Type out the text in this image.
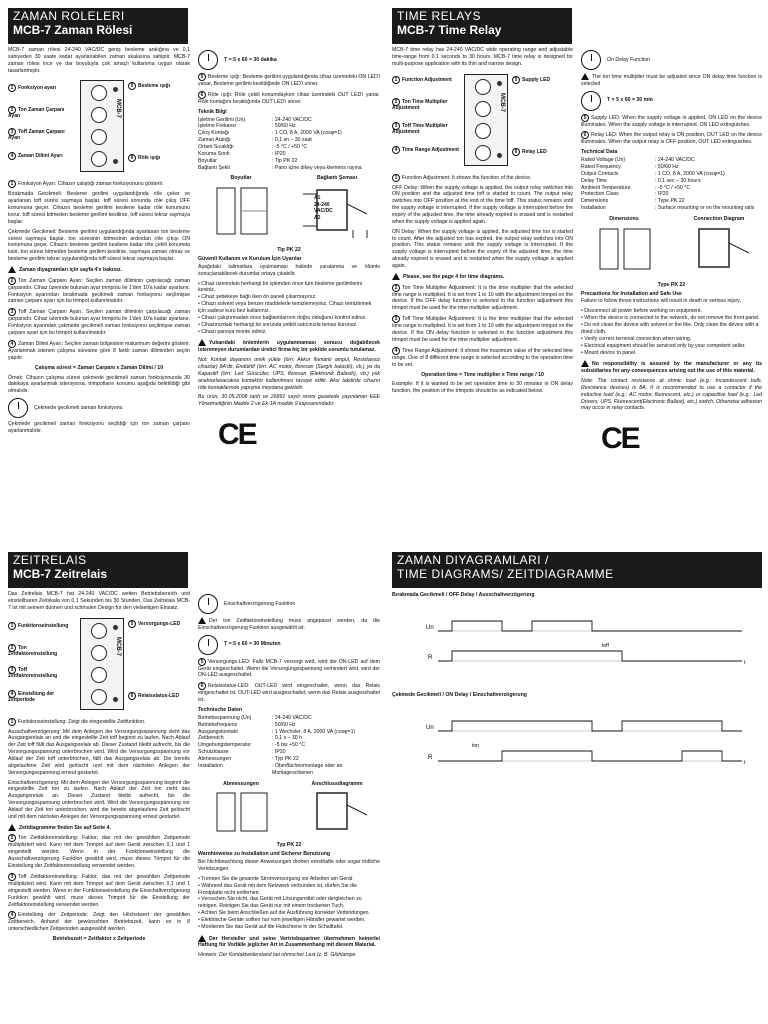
ZAMAN ROLELERI
MCB-7 Zaman Rölesi

MCB-7 zaman rölesi 24-240 VAC/DC geniş besleme aralığına ve 0,1 saniyeden 30 saate kadar ayarlanabilen zaman skalasına sahiptir. MCB-7 zaman rölesi ince ve dar boyutuyla çok amaçlı kullanıma uygun olarak tasarlanmıştır.

MCB-7
1 Fonksiyon ayarı
2 Ton Zaman Çarpanı Ayarı
3 Toff Zaman Çarpanı Ayarı
4 Zaman Dilimi Ayarı
5 Besleme ışığı
6 Röle ışığı

1 Fonksiyon Ayarı: Cihazın çalıştığı zaman fonksiyonunu gösterir.

Bırakmada Gecikmeli: Besleme gerilimi uygulandığında röle çeker ve ayarlanan toff süresi saymaya başlar. toff süresi sonunda röle çıkış OFF konumuna geçer. Cihazın besleme gerilimi kesilene kadar röle konumunu korur. toff süresi bitmeden besleme gerilimi kesilirse, toff süresi tekrar saymaya başlar.

Çekmede Gecikmeli: Besleme gerilimi uygulandığında ayarlanan ton besleme süresi saymaya başlar. ton süresinin bitmesinin ardından röle çıkışı ON konumuna geçer. Cihazın besleme gerilimi kesilene kadar röle çekili konumda kalır. ton süresi bitmeden besleme gerilimi kesilirse, saymaya zaman olmaz ve besleme gerilimi tekrar uygulandığında toff süresi tekrar saymaya başlar.

Zaman diyagramları için sayfa 4'e bakınız.

2 Ton Zaman Çarpanı Ayarı: Seçilen zaman diliminin çarpılacağı zaman çarpanıdır. Cihaz üzerinde bulunan ayar trimpotu ile 1'den 10'a kadar ayarlanır. Fonksiyon ayarından bırakmada gecikmeli zaman fonksiyonu seçilmişse zaman çarpanı ayarı için bu trimpot kullanılmalıdır.

3 Toff Zaman Çarpanı Ayarı: Seçilen zaman diliminin çarpılacağı zaman çarpanıdır. Cihaz üzerinde bulunan ayar trimpotu ile 1'den 10'a kadar ayarlanır. Fonksiyon ayarından çekmede gecikmeli zaman fonksiyonu seçilmişse zaman çarpanı ayarı için bu trimpot kullanılmalıdır.

4 Zaman Dilimi Ayarı: Seçilen zaman bölgesinin maksimum değerini gösterir. Ayarlanmak istenen çalışma süresine göre 8 farklı zaman diliminden seçim yapılır.

Çalışma süresi = Zaman Çarpanı x Zaman Dilimi / 10

Örnek: Cihazın çalışma süresi çekmede gecikmeli zaman fonksiyonunda 30 dakikaya ayarlanmak isteniyorsa, trimpotların konumu aşağıda belirtildiği gibi olmalıdır.

Çekmede gecikmeli zaman fonksiyonu

Çekmede gecikmeli zaman fonksiyonu seçildiği için ton zaman çarpanı ayarlanmalıdır.

T = 5 x 60 = 30 dakika

5 Besleme ışığı: Besleme gerilimi uygulandığında cihaz üzerindeki ON LED'i yanar. Besleme gerilimi kesildiğinde ON LED'i söner.

6 Röle ışığı: Röle çekili konumdayken cihaz üzerindeki OUT LED'i yanar. Röle kontağını bıraktığında OUT LED'i söner.

Teknik Bilgi
İşletme Gerilimi (Un)	: 24-240 VAC/DC
İşletme Frekansı	: 50/60 Hz
Çıkış Kontağı	: 1 CO, 8 A, 2000 VA (cosφ=1)
Zaman Aralığı	: 0,1 sn – 30 saat
Ortam Sıcaklığı	: -5 °C / +50 °C
Koruma Sınıfı	: IP20
Boyutlar	: Tip PK 22
Bağlantı Şekli	: Pano içine dikey veya klemens rayına
Boyutlar	Bağlantı Şeması
A1
24-240
VAC/DC
A2
Tip PK 22
Güvenli Kullanım ve Kurulum İçin Uyarılar

Aşağıdaki talimatlara uyulmaması halinde yaralanma ve ölümle sonuçlanabilecek durumlar ortaya çıkabilir.

• Cihaz üzerindeki herhangi bir işlemden önce tüm besleme gerilimlerini kesiniz.
• Cihaz şebekeye bağlı iken ön paneli çıkarmayınız.
• Cihazı solvent veya benzer maddelerle temizlemeyiniz. Cihazı temizlemek için sadece kuru bez kullanınız.
• Cihazı çalıştırmadan önce bağlantılarının doğru olduğunu kontrol ediniz.
• Cihazınızdaki herhangi bir sorunda yetkili satıcınızla temas kurunuz.
• Cihazı panoya monte ediniz.

Yukarıdaki önlemlerin uygulanmaması sonucu doğabilecek istenmeyen durumlardan üretici firma hiç bir şekilde sorumlu tutulamaz.

Not: Kontak dayanımı omik yükte (örn: Akkor flamanlı ampul, Resistansiz cihazlar) 8A'dir. Endüktif (örn: AC motor, floresan (Sargılı balastlı), vb.) ya da Kapasitif (örn: Led Sürücüler, UPS, floresan (Elektronik Balastlı), vb.) yük anahtarlanacaksa kontaktör kullanılması tavsiye edilir. Aksi takdirde cihazın röle kontaklarında yapışma meydana gelebilir.

Bu ürün, 30.05.2008 tarih ve 26891 sayılı resmi gazetede yayınlanan EEE Yönetmeliğinin Madde 2 ve Ek-1A madde 9 kapsamındadır.

CE
TIME RELAYS
MCB-7 Time Relay

MCB-7 time relay has 24-240 VAC/DC wide operating range and adjustable time-range from 0.1 seconds to 30 hours. MCB-7 time relay is designed for multi-purpose application with its thin and narrow design.

MCB-7
1 Function Adjustment
2 Ton Time Multiplier Adjustment
3 Toff Time Multiplier Adjustment
4 Time Range Adjustment
5 Supply LED
6 Relay LED

1 Function Adjustment: It shows the function of the device.

OFF Delay: When the supply voltage is applied, the output relay switches into ON position and the adjusted time toff is started to count. The output relay switches into OFF position at the end of the time toff. This status remains until the supply voltage is interrupted. If the supply voltage is interrupted before the expiry of the adjusted time, the time already expired is erased and is restarted when the supply voltage is applied again.

ON Delay: When the supply voltage is applied, the adjusted time ton is started to count. After the adjusted ton has expired, the output relay switches into ON position. This status remains until the supply voltage is interrupted. If the supply voltage is interrupted before the expiry of the adjusted time, the time already expired is erased and is restarted when the supply voltage is applied again.

Please, see the page 4 for time diagrams.

2 Ton Time Multiplier Adjustment: It is the time multiplier that the selected time range is multiplied. It is set from 1 to 10 with the adjustment trimpot on the device. If the OFF delay function is selected in the function adjustment this trimpot must be used for the time multiplier adjustment.

3 Toff Time Multiplier Adjustment: It is the time multiplier that the selected time range is multiplied. It is set from 1 to 10 with the adjustment trimpot on the device. If the ON delay function is selected in the function adjustment this trimpot must be used for the time multiplier adjustment.

4 Time Range Adjustment: It shows the maximum value of the selected time range. One of 8 different time range is selected according to the operation time to be set.

Operation time = Time multiplier x Time range / 10

Example: If it is wanted to be set operation time to 30 minutes in ON delay function, the position of the trimpots should be as indicated below.

On Delay Function

The ton time multiplier must be adjusted since ON delay time function is selected

T = 5 x 60 = 30 min

5 Supply LED: When the supply voltage is applied, ON LED on the device illuminates. When the supply voltage is interrupted, ON LED extinguishes.

6 Relay LED: When the output relay is ON position, OUT LED on the device illuminates. When the output relay is OFF position, OUT LED extinguishes.

Technical Data
Rated Voltage (Un)	: 24-240 VAC/DC
Rated Frequency	: 50/60 Hz
Output Contacts	: 1 CO, 8 A, 2000 VA (cosφ=1)
Delay Time	: 0.1 sec – 30 hours
Ambient Temperature	: -5 °C / +50 °C
Protection Class	: IP20
Dimensions	: Type PK 22
Installation	: Surface mounting or on the mounting rails
Dimensions	Connection Diagram
Type PK 22
Precautions for Installation and Safe Use

Failure to follow those instructions will result in death or serious injury.

• Disconnect all power before working on equipment.
• When the device is connected to the network, do not remove the front panel.
• Do not clean the device with solvent or the like. Only clean the device with a dried cloth.
• Verify correct terminal connection when wiring.
• Electrical equipment should be serviced only by your competent seller.
• Mount device to panel.

No responsibility is assured by the manufacturer or any its subsidiaries for any consequences arising out the use of this material.

Note: The contact resistance at ohmic load (e.g.: Incandescent bulb, Resistance devices) is 8A. It is recommended to use a contactor if the inductive load (e.g.: AC motor, fluorescent, etc.) or capacitive load (e.g.: Led Drivers, UPS, Fluorescent(Electronic Ballast), etc.) switch. Otherwise adhesion may occur in relay contacts.

CE
ZEITRELAIS
MCB-7 Zeitrelais

Das Zeitrelais MCB-7 hat 24-240 VAC/DC weiten Betriebsbereich und einstellbaren Zeitskala von 0,1 Sekunden bis 30 Stunden. Das Zeitrelais MCB-7 ist mit seinem dünnen und schmalen Design für den vielseitigen Einsatz.

MCB-7
1 Funktionseinstellung
2 Ton Zeitfaktoreinstellung
3 Toff Zeitfaktoreinstellung
4 Einstellung der Zeitperiode
5 Versorgungs-LED
6 Relaisstatus-LED

1 Funktionseinstellung: Zeigt die eingestellte Zeitfunktion.

Ausschaltverzögerung: Mit dem Anlegen der Versorgungsspannung zieht das Ausgangsrelais an und die eingestellte Zeit toff beginnt zu laufen. Nach Ablauf der Zeit toff fällt das Ausgangsrelais ab. Dieser Zustand bleibt aufrecht, bis die Versorgungsspannung unterbrochen wird. Wird die Versorgungsspannung vor Ablauf der Zeit toff unterbrochen, fällt das Ausgangsrelais ab. Die bereits abgelaufene Zeit wird gelöscht und mit dem nächsten Anlegen der Versorgungsspannung erneut gestartet.

Einschaltverzögerung: Mit dem Anlegen der Versorgungsspannung beginnt die eingestellte Zeit ton zu laufen. Nach Ablauf der Zeit ton zieht das Ausgangsrelais an. Dieser Zustand bleibt aufrecht, bis die Versorgungsspannung unterbrochen wird. Wird die Versorgungsspannung vor Ablauf der Zeit ton unterbrochen, wird die bereits abgelaufene Zeit gelöscht und mit dem nächsten Anlegen der Versorgungsspannung erneut gestartet.

Zeitdiagramme finden Sie auf Seite 4.

2 Ton Zeitfaktoreinstellung: Faktor, das mit der gewählten Zeitperiode multipliziert wird. Kann mit dem Trimpot auf dem Gerät zwischen 0,1 und 1 eingestellt werden. Wenn in der Funktionseinstellung die Ausschaltverzögerung Funktion gewählt wird, muss dieses Trimpot für die Einstellung der Zeitfaktoreinstellung verwendet werden.

3 Toff Zeitfaktoreinstellung: Faktor, das mit der gewählten Zeitperiode multipliziert wird. Kann mit dem Trimpot auf dem Gerät zwischen 0,1 und 1 eingestellt werden. Wenn in der Funktionseinstellung die Einschaltverzögerung Funktion gewählt wird, muss dieses Trimpot für die Einstellung der Zeitfaktoreinstellung verwendet werden.

4 Einstellung der Zeitperiode: Zeigt den Höchstwert der gewählten Zeitbereich. Anhand der gewünschten Betriebszeit, kann es in 8 unterschiedlichen Zeitperioden ausgewählt werden.

Betriebszeit = Zeitfaktor x Zeitperiode
Einschaltverzögerung Funktion

Der ton Zeitfaktoreinstellung muss angepasst werden, da die Einschaltverzögerung Funktion ausgewählt ist.

T = 5 x 60 = 30 Minuten

5 Versorgungs-LED: Falls MCB-7 versorgt wird, wird die ON-LED auf dem Gerät eingeschaltet. Wenn die Versorgungsspannung verhindert wird, wird der ON-LED ausgeschaltet.

6 Relaisstatus-LED: OUT-LED wird eingeschaltet, wenn das Relais eingeschaltet ist. OUT-LED wird ausgeschaltet, wenn das Relais ausgeschaltet ist.

Technische Daten
Betriebsspannung (Un)	: 24-240 VAC/DC
Betriebsfrequenz	: 50/60 Hz
Ausgangskontakt	: 1 Wechsler, 8 A, 2000 VA (cosφ=1)
Zeitbereich	: 0,1 s – 30 h
Umgebungstemperatur	: -5 bis +50 °C
Schutzklasse	: IP20
Abmessungen	: Typ PK 22
Installation	: Oberflächenmontage oder an Montageschienen
Abmessungen	Anschlussdiagramm
Typ PK 22
Warnhinweise zu Installation und Sicherer Benutzung

Bei Nichtbeachtung dieser Anweisungen drohen ernsthafte oder sogar tödliche Verletzungen.

• Trennen Sie die gesamte Stromversorgung vor Arbeiten am Gerät
• Während das Gerät mit dem Netzwerk verbunden ist, dürfen Sie die Frontplatte nicht entfernen.
• Versuchen Sie nicht, das Gerät mit Lösungsmittel oder dergleichen zu reinigen. Reinigen Sie das Gerät nur mit einem trockenen Tuch.
• Achten Sie beim Anschließen auf die Ausführung korrekter Verbindungen.
• Elektrische Geräte sollten nur vom jeweiligen Händler gewartet werden.
• Montieren Sie das Gerät auf die Hutschiene in der Schalttafel.

Der Hersteller und seine Vertriebspartner übernehmen keinerlei Haftung für Vorfälle jeglicher Art in Zusammenhang mit diesem Material.

Hinweis: Der Kontaktwiderstand bei ohmscher Last (z. B. Glühlampe

ZAMAN DIYAGRAMLARI /
TIME DIAGRAMS/ ZEITDIAGRAMME
Bırakmada Gecikmeli / OFF Delay / Ausschaltverzögerung
Un
R
toff
t
Çekmede Gecikmeli / ON Delay / Einschaltverzögerung
Un
R
ton
t
